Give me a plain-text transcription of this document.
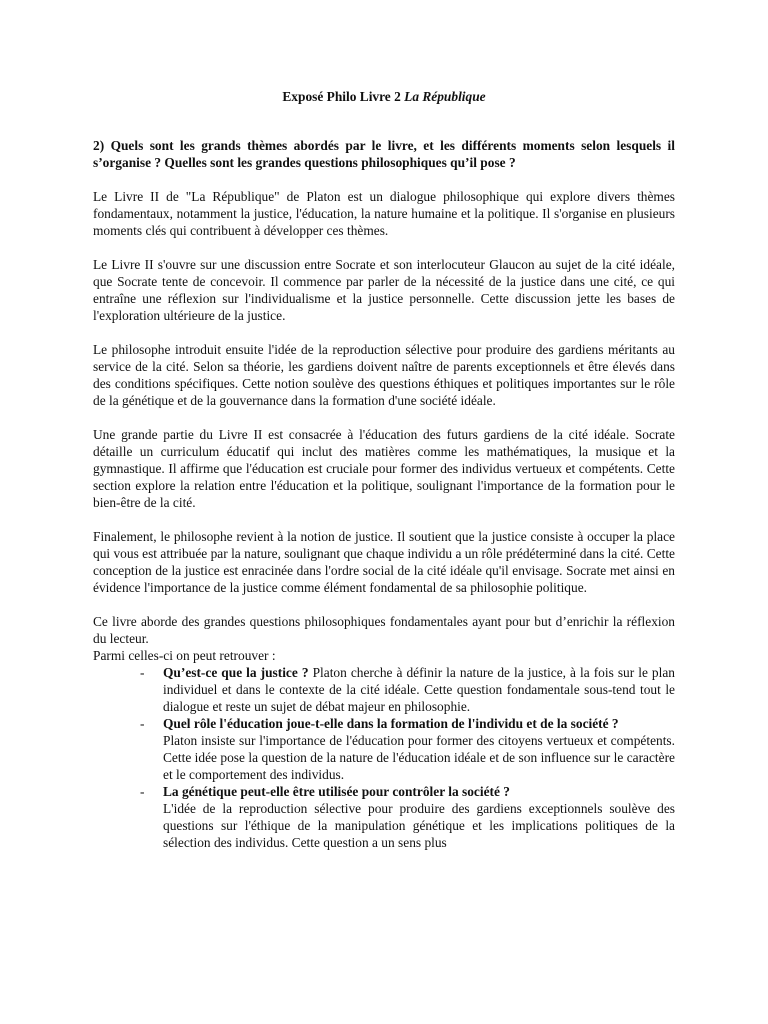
Exposé Philo Livre 2 La République

2) Quels sont les grands thèmes abordés par le livre, et les différents moments selon lesquels il s’organise ? Quelles sont les grandes questions philosophiques qu’il pose ?

Le Livre II de "La République" de Platon est un dialogue philosophique qui explore divers thèmes fondamentaux, notamment la justice, l'éducation, la nature humaine et la politique. Il s'organise en plusieurs moments clés qui contribuent à développer ces thèmes.

Le Livre II s'ouvre sur une discussion entre Socrate et son interlocuteur Glaucon au sujet de la cité idéale, que Socrate tente de concevoir. Il commence par parler de la nécessité de la justice dans une cité, ce qui entraîne une réflexion sur l'individualisme et la justice personnelle. Cette discussion jette les bases de l'exploration ultérieure de la justice.

Le philosophe introduit ensuite l'idée de la reproduction sélective pour produire des gardiens méritants au service de la cité. Selon sa théorie, les gardiens doivent naître de parents exceptionnels et être élevés dans des conditions spécifiques. Cette notion soulève des questions éthiques et politiques importantes sur le rôle de la génétique et de la gouvernance dans la formation d'une société idéale.

Une grande partie du Livre II est consacrée à l'éducation des futurs gardiens de la cité idéale. Socrate détaille un curriculum éducatif qui inclut des matières comme les mathématiques, la musique et la gymnastique. Il affirme que l'éducation est cruciale pour former des individus vertueux et compétents. Cette section explore la relation entre l'éducation et la politique, soulignant l'importance de la formation pour le bien-être de la cité.

Finalement, le philosophe revient à la notion de justice. Il soutient que la justice consiste à occuper la place qui vous est attribuée par la nature, soulignant que chaque individu a un rôle prédéterminé dans la cité. Cette conception de la justice est enracinée dans l'ordre social de la cité idéale qu'il envisage. Socrate met ainsi en évidence l'importance de la justice comme élément fondamental de sa philosophie politique.

Ce livre aborde des grandes questions philosophiques fondamentales ayant pour but d’enrichir la réflexion du lecteur.

Parmi celles-ci on peut retrouver :

- Qu’est-ce que la justice ? Platon cherche à définir la nature de la justice, à la fois sur le plan individuel et dans le contexte de la cité idéale. Cette question fondamentale sous-tend tout le dialogue et reste un sujet de débat majeur en philosophie.
- Quel rôle l'éducation joue-t-elle dans la formation de l'individu et de la société ?
Platon insiste sur l'importance de l'éducation pour former des citoyens vertueux et compétents. Cette idée pose la question de la nature de l'éducation idéale et de son influence sur le caractère et le comportement des individus.
- La génétique peut-elle être utilisée pour contrôler la société ?
L'idée de la reproduction sélective pour produire des gardiens exceptionnels soulève des questions sur l'éthique de la manipulation génétique et les implications politiques de la sélection des individus. Cette question a un sens plus
